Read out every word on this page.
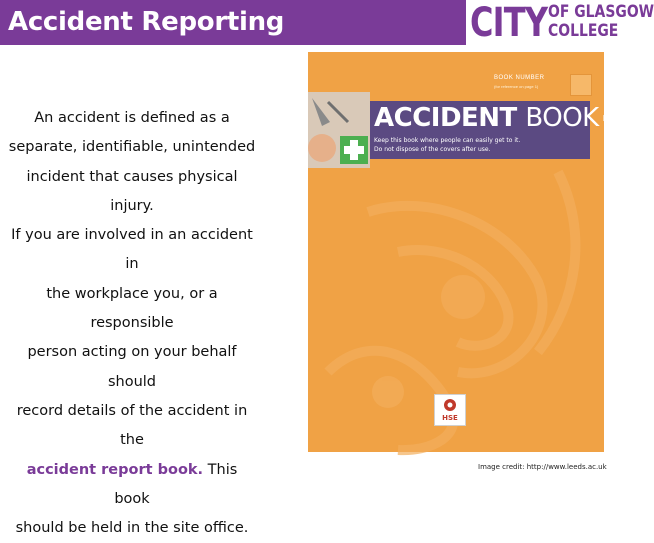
Accident Reporting	CITY OF GLASGOW
COLLEGE
An accident is defined as a
separate, identifiable, unintended
incident that causes physical injury.
If you are involved in an accident in
the workplace you, or a responsible
person acting on your behalf should
record details of the accident in the
accident report book. This book
should be held in the site office.
BOOK NUMBER
(for reference on page 1)
ACCIDENT BOOK BI 510
Keep this book where people can easily get to it.
Do not dispose of the covers after use.
HSE
Image credit: http://www.leeds.ac.uk
